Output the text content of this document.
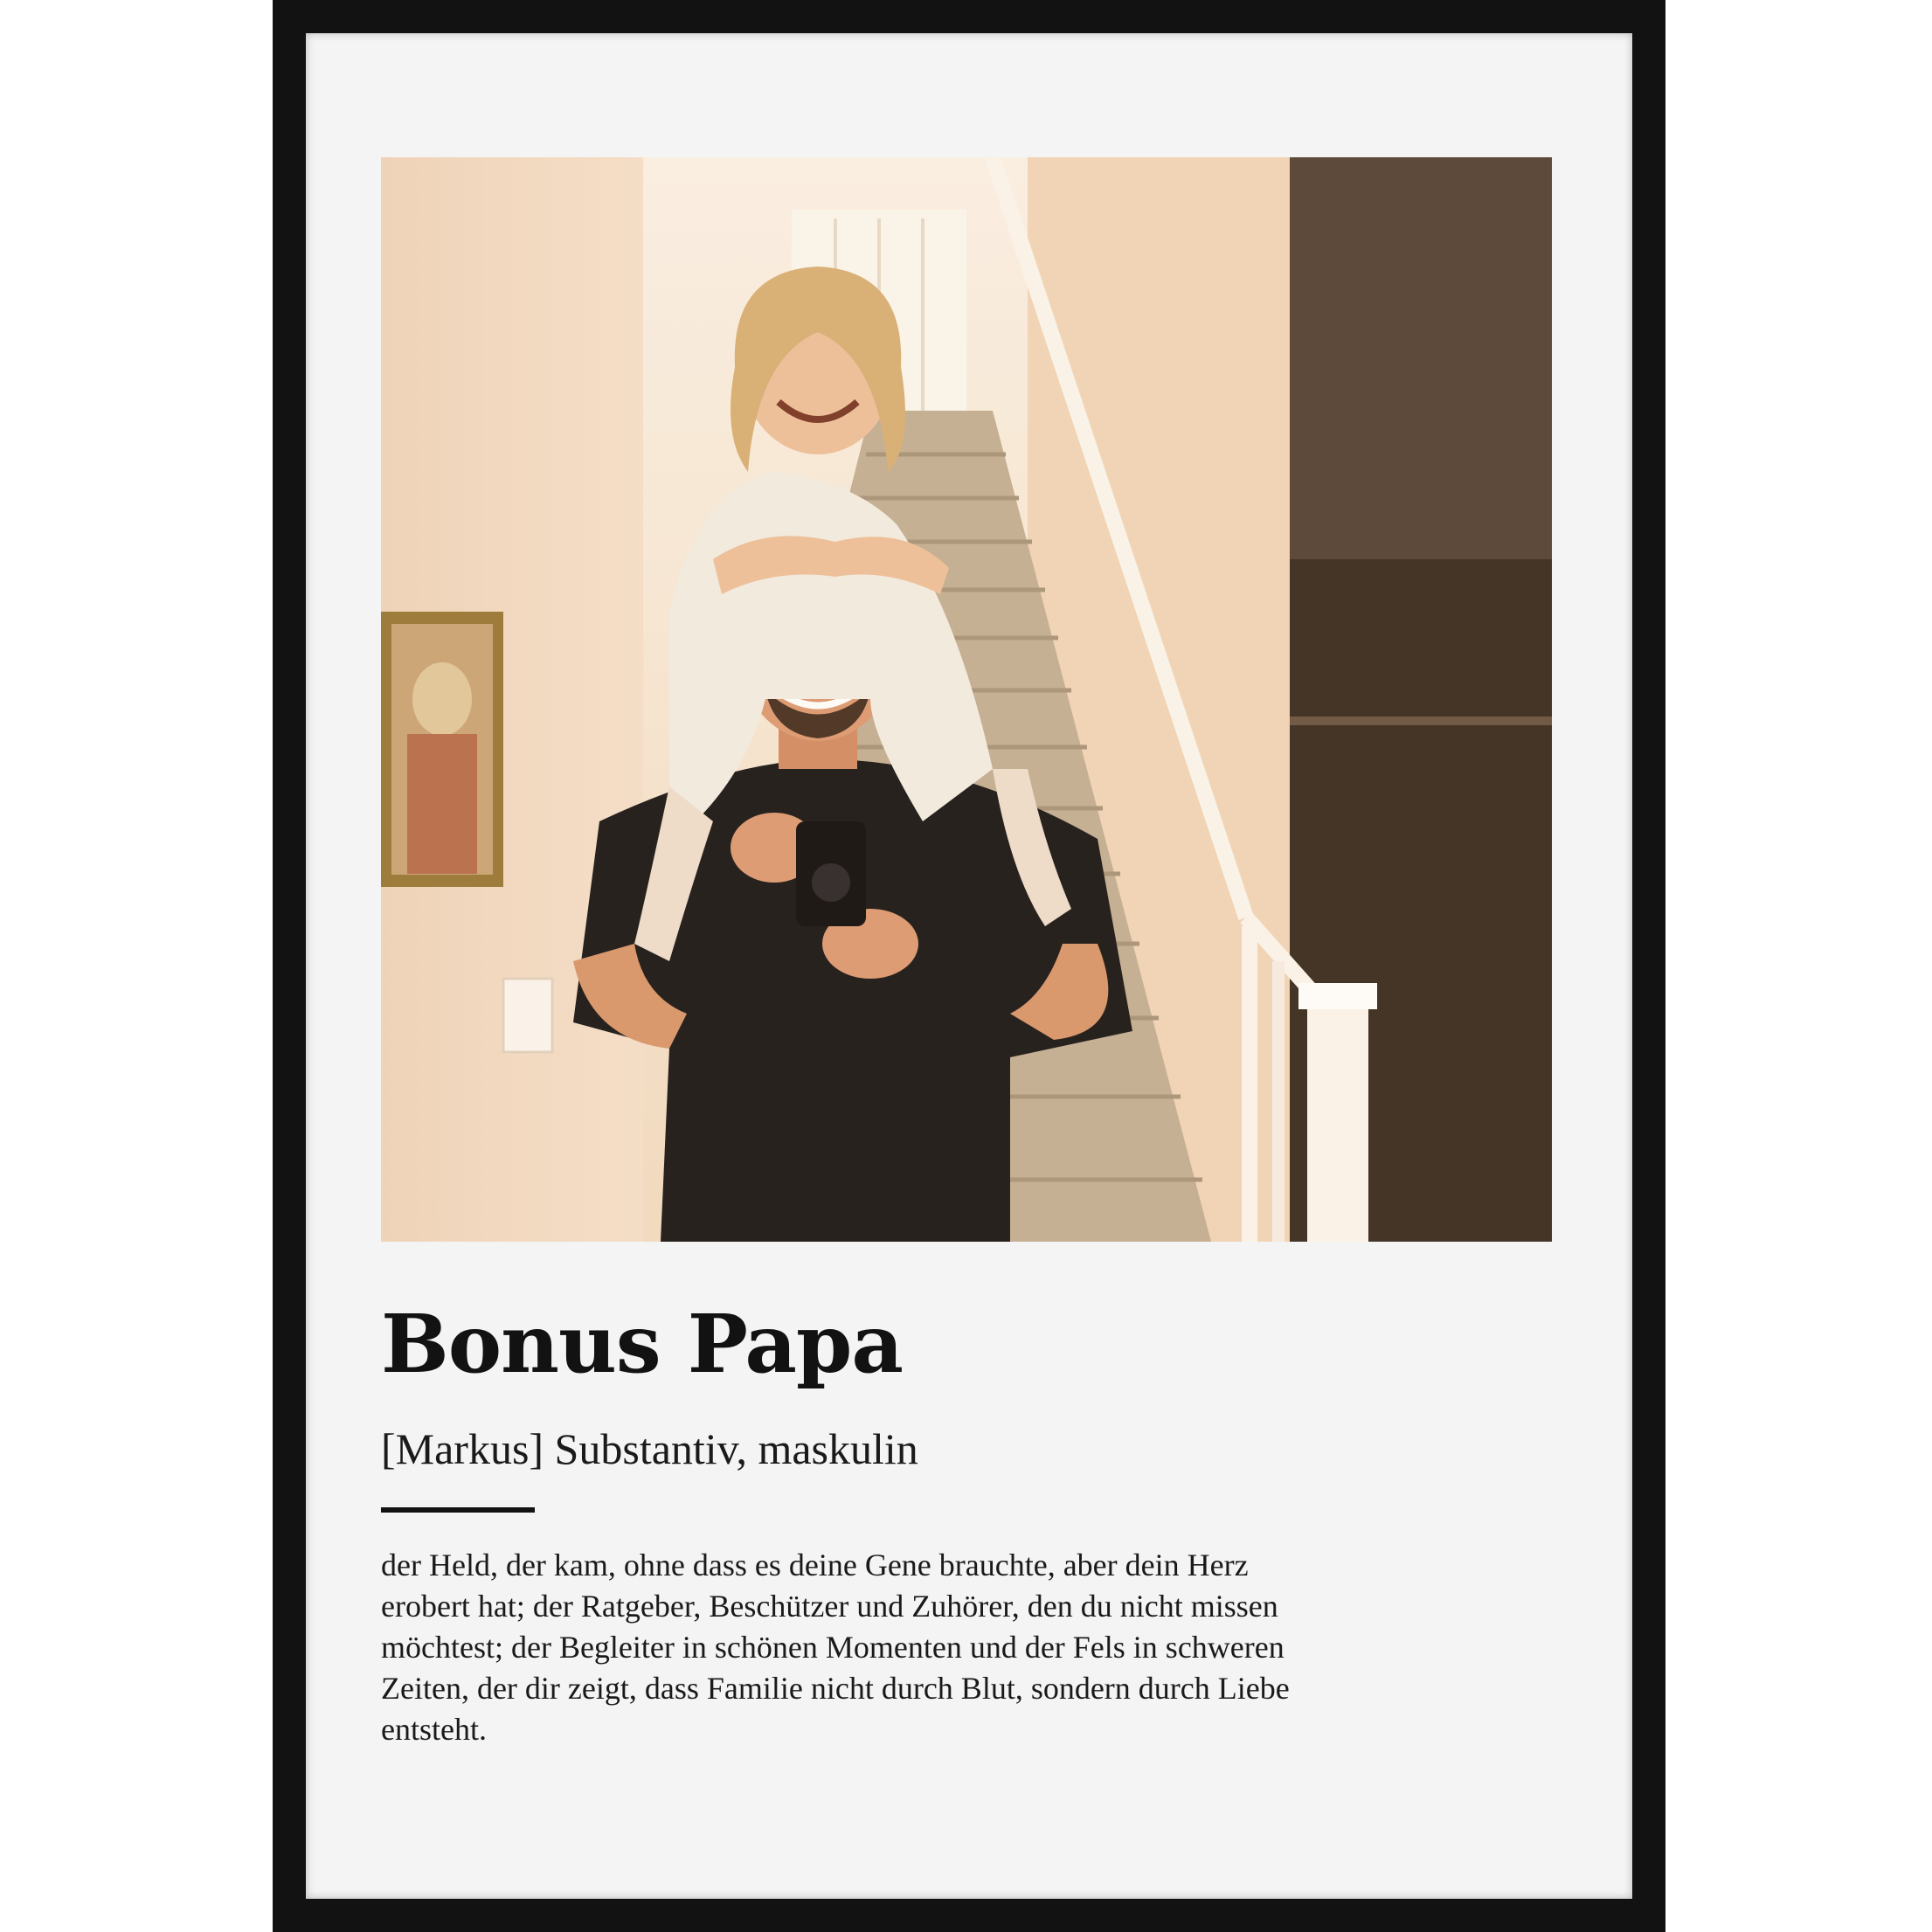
Bonus Papa
[Markus] Substantiv, maskulin
der Held, der kam, ohne dass es deine Gene brauchte, aber dein Herz
erobert hat; der Ratgeber, Beschützer und Zuhörer, den du nicht missen
möchtest; der Begleiter in schönen Momenten und der Fels in schweren
Zeiten, der dir zeigt, dass Familie nicht durch Blut, sondern durch Liebe
entsteht.
